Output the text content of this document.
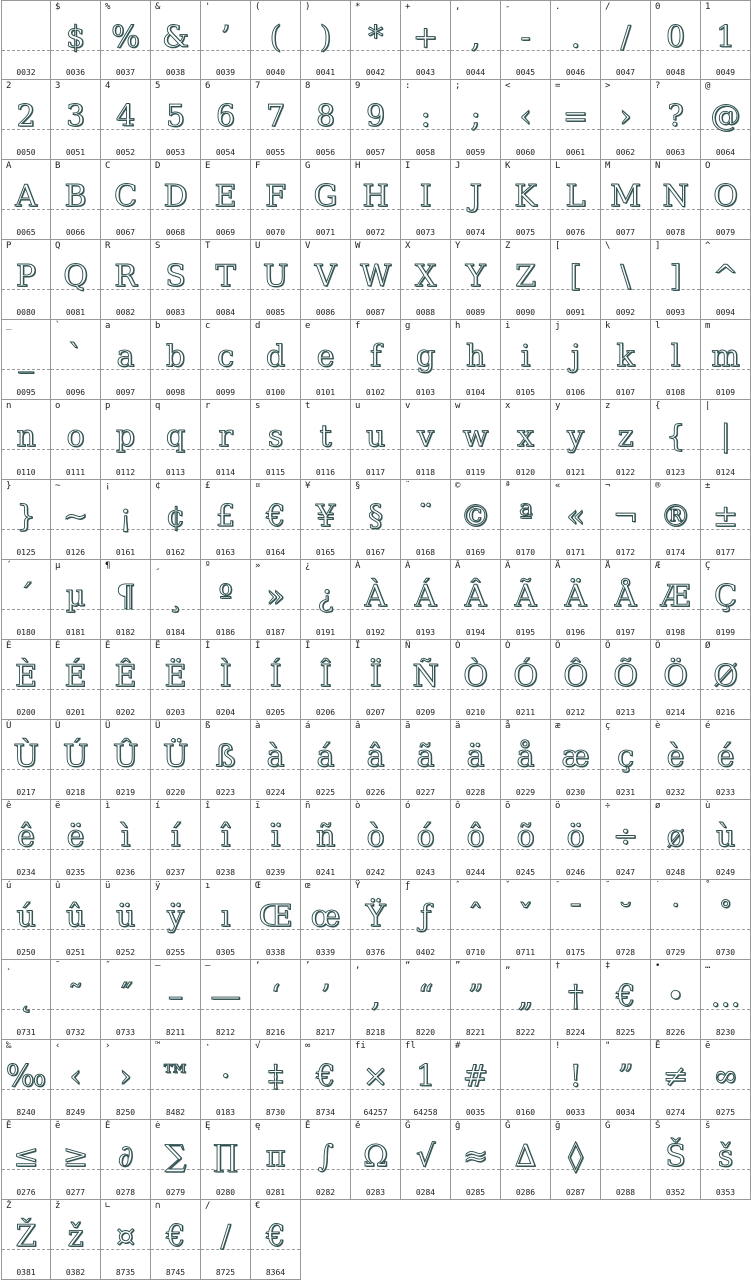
0032
$
$
0036
%
%
0037
&
&
0038
'
’
0039
(
(
0040
)
)
0041
*
*
0042
+
+
0043
,
,
0044
-
-
0045
.
.
0046
/
/
0047
0
0
0048
1
1
0049
2
2
0050
3
3
0051
4
4
0052
5
5
0053
6
6
0054
7
7
0055
8
8
0056
9
9
0057
:
:
0058
;
;
0059
<
‹
0060
=
=
0061
>
›
0062
?
?
0063
@
@
0064
A
A
0065
B
B
0066
C
C
0067
D
D
0068
E
E
0069
F
F
0070
G
G
0071
H
H
0072
I
I
0073
J
J
0074
K
K
0075
L
L
0076
M
M
0077
N
N
0078
O
O
0079
P
P
0080
Q
Q
0081
R
R
0082
S
S
0083
T
T
0084
U
U
0085
V
V
0086
W
W
0087
X
X
0088
Y
Y
0089
Z
Z
0090
[
[
0091
\
\
0092
]
]
0093
^
^
0094
_
_
0095
`
`
0096
a
a
0097
b
b
0098
c
c
0099
d
d
0100
e
e
0101
f
f
0102
g
g
0103
h
h
0104
i
i
0105
j
j
0106
k
k
0107
l
l
0108
m
m
0109
n
n
0110
o
o
0111
p
p
0112
q
q
0113
r
r
0114
s
s
0115
t
t
0116
u
u
0117
v
v
0118
w
w
0119
x
x
0120
y
y
0121
z
z
0122
{
{
0123
|
|
0124
}
}
0125
~
~
0126
¡
¡
0161
¢
¢
0162
£
£
0163
¤
€
0164
¥
¥
0165
§
§
0167
¨
¨
0168
©
©
0169
ª
ª
0170
«
«
0171
¬
¬
0172
®
®
0174
±
±
0177
´
´
0180
µ
µ
0181
¶
¶
0182
¸
¸
0184
º
º
0186
»
»
0187
¿
¿
0191
À
À
0192
Á
Á
0193
Â
Â
0194
Ã
Ã
0195
Ä
Ä
0196
Å
Å
0197
Æ
Æ
0198
Ç
Ç
0199
È
È
0200
É
É
0201
Ê
Ê
0202
Ë
Ë
0203
Ì
Ì
0204
Í
Í
0205
Î
Î
0206
Ï
Ï
0207
Ñ
Ñ
0209
Ò
Ò
0210
Ó
Ó
0211
Ô
Ô
0212
Õ
Õ
0213
Ö
Ö
0214
Ø
Ø
0216
Ù
Ù
0217
Ú
Ú
0218
Û
Û
0219
Ü
Ü
0220
ß
ß
0223
à
à
0224
á
á
0225
â
â
0226
ã
ã
0227
ä
ä
0228
å
å
0229
æ
æ
0230
ç
ç
0231
è
è
0232
é
é
0233
ê
ê
0234
ë
ë
0235
ì
ì
0236
í
í
0237
î
î
0238
ï
ï
0239
ñ
ñ
0241
ò
ò
0242
ó
ó
0243
ô
ô
0244
õ
õ
0245
ö
ö
0246
÷
÷
0247
ø
ø
0248
ù
ù
0249
ú
ú
0250
û
û
0251
ü
ü
0252
ÿ
ÿ
0255
ı
ı
0305
Œ
Œ
0338
œ
œ
0339
Ÿ
Ÿ
0376
ƒ
ƒ
0402
ˆ
ˆ
0710
ˇ
ˇ
0711
ˉ
ˉ
0175
˘
˘
0728
˙
˙
0729
˚
˚
0730
˛
˛
0731
˜
˜
0732
˝
˝
0733
–
–
8211
—
—
8212
‘
‘
8216
’
’
8217
‚
‚
8218
“
“
8220
”
”
8221
„
„
8222
†
†
8224
‡
€
8225
•
•
8226
…
…
8230
‰
‰
8240
‹
‹
8249
›
›
8250
™
™
8482
·
·
0183
√
‡
8730
∞
€
8734
fi
×
64257
fl
1
64258
#
#
0035	0160
!
!
0033
"
”
0034
Ē
≠
0274
ē
∞
0275
Ĕ
≤
0276
ĕ
≥
0277
Ė
∂
0278
ė
∑
0279
Ę
∏
0280
ę
π
0281
Ě
∫
0282
ě
Ω
0283
Ĝ
√
0284
ĝ
≈
0285
Ğ
∆
0286
ğ
◊
0287
Ġ
0288
Š
Š
0352
š
š
0353
Ž
Ž
0381
ž
ž
0382
∟
¤
8735
∩
€
8745
∕
/
8725
€
€
8364
